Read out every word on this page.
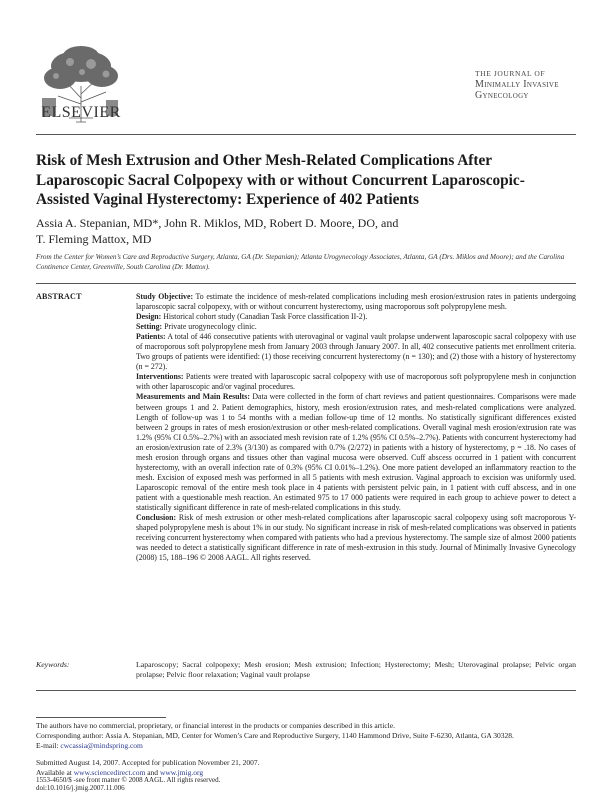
ELSEVIER
THE JOURNAL OF
Minimally Invasive
Gynecology
Risk of Mesh Extrusion and Other Mesh-Related Complications After Laparoscopic Sacral Colpopexy with or without Concurrent Laparoscopic-Assisted Vaginal Hysterectomy: Experience of 402 Patients
Assia A. Stepanian, MD*, John R. Miklos, MD, Robert D. Moore, DO, and
T. Fleming Mattox, MD
From the Center for Women’s Care and Reproductive Surgery, Atlanta, GA (Dr. Stepanian); Atlanta Urogynecology Associates, Atlanta, GA (Drs. Miklos and Moore); and the Carolina Continence Center, Greenville, South Carolina (Dr. Mattox).
ABSTRACT	Study Objective: To estimate the incidence of mesh-related complications including mesh erosion/extrusion rates in patients undergoing laparoscopic sacral colpopexy, with or without concurrent hysterectomy, using macroporous soft polypropylene mesh.

Design: Historical cohort study (Canadian Task Force classification II-2).

Setting: Private urogynecology clinic.

Patients: A total of 446 consecutive patients with uterovaginal or vaginal vault prolapse underwent laparoscopic sacral colpopexy with use of macroporous soft polypropylene mesh from January 2003 through January 2007. In all, 402 consecutive patients met enrollment criteria. Two groups of patients were identified: (1) those receiving concurrent hysterectomy (n = 130); and (2) those with a history of hysterectomy (n = 272).

Interventions: Patients were treated with laparoscopic sacral colpopexy with use of macroporous soft polypropylene mesh in conjunction with other laparoscopic and/or vaginal procedures.

Measurements and Main Results: Data were collected in the form of chart reviews and patient questionnaires. Comparisons were made between groups 1 and 2. Patient demographics, history, mesh erosion/extrusion rates, and mesh-related complications were analyzed. Length of follow-up was 1 to 54 months with a median follow-up time of 12 months. No statistically significant differences existed between 2 groups in rates of mesh erosion/extrusion or other mesh-related complications. Overall vaginal mesh erosion/extrusion rate was 1.2% (95% CI 0.5%–2.7%) with an associated mesh revision rate of 1.2% (95% CI 0.5%–2.7%). Patients with concurrent hysterectomy had an erosion/extrusion rate of 2.3% (3/130) as compared with 0.7% (2/272) in patients with a history of hysterectomy, p = .18. No cases of mesh erosion through organs and tissues other than vaginal mucosa were observed. Cuff abscess occurred in 1 patient with concurrent hysterectomy, with an overall infection rate of 0.3% (95% CI 0.01%–1.2%). One more patient developed an inflammatory reaction to the mesh. Excision of exposed mesh was performed in all 5 patients with mesh extrusion. Vaginal approach to excision was uniformly used. Laparoscopic removal of the entire mesh took place in 4 patients with persistent pelvic pain, in 1 patient with cuff abscess, and in one patient with a questionable mesh reaction. An estimated 975 to 17 000 patients were required in each group to achieve power to detect a statistically significant difference in rate of mesh-related complications in this study.

Conclusion: Risk of mesh extrusion or other mesh-related complications after laparoscopic sacral colpopexy using soft macroporous Y-shaped polypropylene mesh is about 1% in our study. No significant increase in risk of mesh-related complications was observed in patients receiving concurrent hysterectomy when compared with patients who had a previous hysterectomy. The sample size of almost 2000 patients was needed to detect a statistically significant difference in rate of mesh-extrusion in this study. Journal of Minimally Invasive Gynecology (2008) 15, 188–196 © 2008 AAGL. All rights reserved.

Keywords:	Laparoscopy; Sacral colpopexy; Mesh erosion; Mesh extrusion; Infection; Hysterectomy; Mesh; Uterovaginal prolapse; Pelvic organ prolapse; Pelvic floor relaxation; Vaginal vault prolapse

The authors have no commercial, proprietary, or financial interest in the products or companies described in this article.

Corresponding author: Assia A. Stepanian, MD, Center for Women’s Care and Reproductive Surgery, 1140 Hammond Drive, Suite F-6230, Atlanta, GA 30328.

E-mail: cwcassia@mindspring.com

Submitted August 14, 2007. Accepted for publication November 21, 2007.

Available at www.sciencedirect.com and www.jmig.org

1553-4650/$ -see front matter © 2008 AAGL. All rights reserved.

doi:10.1016/j.jmig.2007.11.006
